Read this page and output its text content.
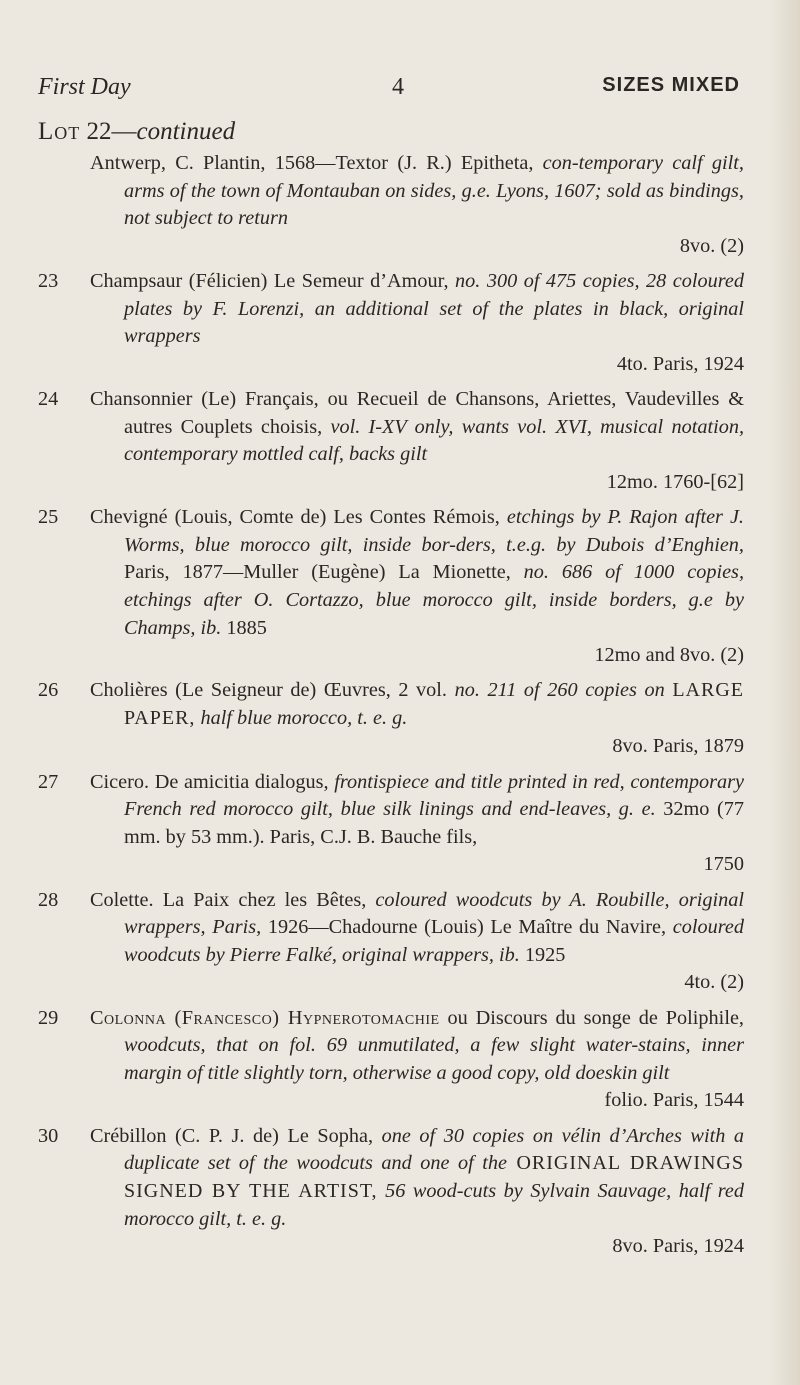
First Day	4	SIZES MIXED
Lot 22—continued
Antwerp, C. Plantin, 1568—Textor (J. R.) Epitheta, con-temporary calf gilt, arms of the town of Montauban on sides, g.e. Lyons, 1607; sold as bindings, not subject to return
8vo. (2)
23	Champsaur (Félicien) Le Semeur d’Amour, no. 300 of 475 copies, 28 coloured plates by F. Lorenzi, an additional set of the plates in black, original wrappers
4to. Paris, 1924
24	Chansonnier (Le) Français, ou Recueil de Chansons, Ariettes, Vaudevilles & autres Couplets choisis, vol. I-XV only, wants vol. XVI, musical notation, contemporary mottled calf, backs gilt
12mo. 1760-[62]
25	Chevigné (Louis, Comte de) Les Contes Rémois, etchings by P. Rajon after J. Worms, blue morocco gilt, inside bor-ders, t.e.g. by Dubois d’Enghien, Paris, 1877—Muller (Eugène) La Mionette, no. 686 of 1000 copies, etchings after O. Cortazzo, blue morocco gilt, inside borders, g.e by Champs, ib. 1885
12mo and 8vo. (2)
26	Cholières (Le Seigneur de) Œuvres, 2 vol. no. 211 of 260 copies on LARGE PAPER, half blue morocco, t. e. g.
8vo. Paris, 1879
27	Cicero. De amicitia dialogus, frontispiece and title printed in red, contemporary French red morocco gilt, blue silk linings and end-leaves, g. e. 32mo (77 mm. by 53 mm.). Paris, C.J. B. Bauche fils,
1750
28	Colette. La Paix chez les Bêtes, coloured woodcuts by A. Roubille, original wrappers, Paris, 1926—Chadourne (Louis) Le Maître du Navire, coloured woodcuts by Pierre Falké, original wrappers, ib. 1925
4to. (2)
29	Colonna (Francesco) Hypnerotomachie ou Discours du songe de Poliphile, woodcuts, that on fol. 69 unmutilated, a few slight water-stains, inner margin of title slightly torn, otherwise a good copy, old doeskin gilt
folio. Paris, 1544
30	Crébillon (C. P. J. de) Le Sopha, one of 30 copies on vélin d’Arches with a duplicate set of the woodcuts and one of the ORIGINAL DRAWINGS SIGNED BY THE ARTIST, 56 wood-cuts by Sylvain Sauvage, half red morocco gilt, t. e. g.
8vo. Paris, 1924
